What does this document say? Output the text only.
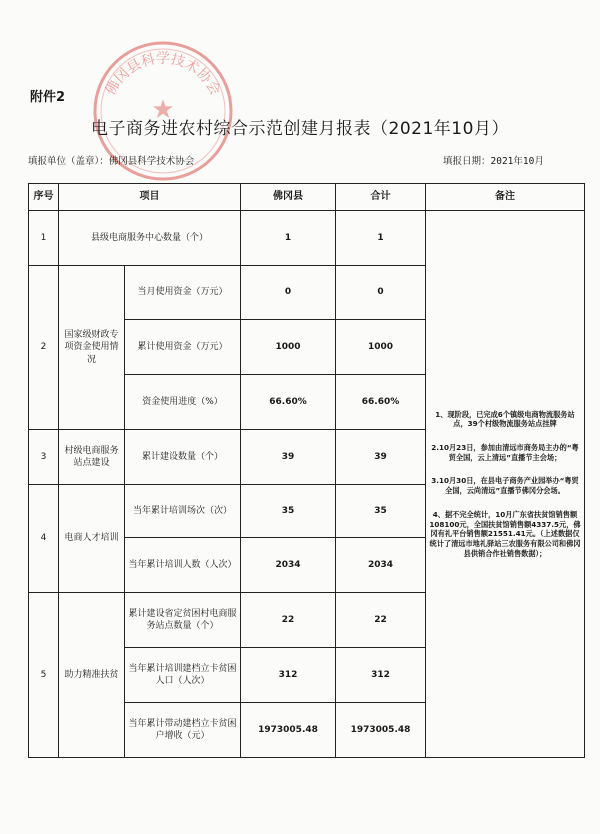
★
佛冈县科学技术协会
附件2
电子商务进农村综合示范创建月报表（2021年10月）
填报单位（盖章）：佛冈县科学技术协会	填报日期：2021年10月
序号	项目		佛冈县	合计	备注
1	县级电商服务中心数量（个）		1	1	1、现阶段，已完成6个镇级电商物流服务站点，39个村级物流服务站点挂牌

2.10月23日，参加由清远市商务局主办的“粤贸全国，云上清远”直播节主会场；

3.10月30日，在县电子商务产业园举办“粤贸全国，云尚清远”直播节佛冈分会场。

4、据不完全统计，10月广东省扶贫馆销售额108100元，全国扶贫馆销售额4337.5元，佛冈有礼平台销售额21551.41元。（上述数据仅统计了清远市地礼驿站三农服务有限公司和佛冈县供销合作社销售数据）；

2	国家级财政专项资金使用情况	当月使用资金（万元）	0	0	
		累计使用资金（万元）	1000	1000	
		资金使用进度（%）	66.60%	66.60%	
3	村级电商服务站点建设	累计建设数量（个）	39	39	
4	电商人才培训	当年累计培训场次（次）	35	35	
		当年累计培训人数（人次）	2034	2034	
5	助力精准扶贫	累计建设省定贫困村电商服务站点数量（个）	22	22	
		当年累计培训建档立卡贫困人口（人次）	312	312	
		当年累计带动建档立卡贫困户增收（元）	1973005.48	1973005.48	
